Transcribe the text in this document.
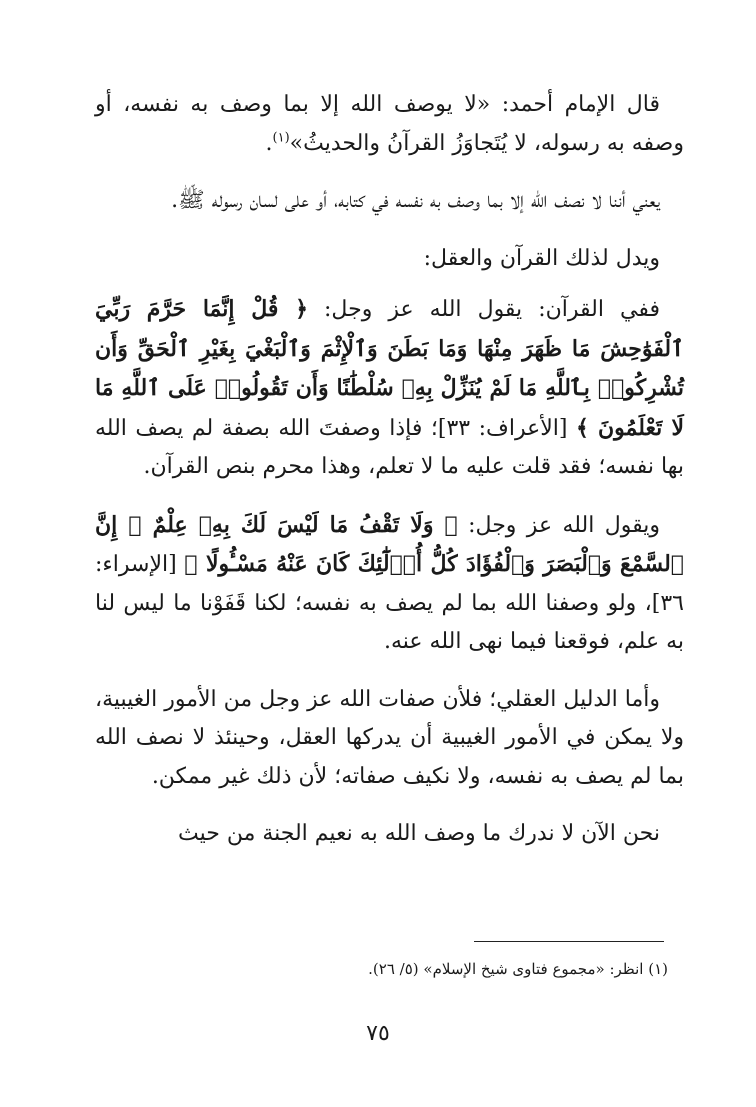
قال الإمام أحمد: «لا يوصف الله إلا بما وصف به نفسه، أو وصفه به رسوله، لا يُتَجاوَزُ القرآنُ والحديثُ»$^{(١)}$.

يعني أننا لا نصف الله إلا بما وصف به نفسه في كتابه، أو على لسان رسوله ﷺ.

ويدل لذلك القرآن والعقل:

ففي القرآن: يقول الله عز وجل: ﴿ قُلْ إِنَّمَا حَرَّمَ رَبِّيَ ٱلْفَوَٰحِشَ مَا ظَهَرَ مِنْهَا وَمَا بَطَنَ وَٱلْإِثْمَ وَٱلْبَغْيَ بِغَيْرِ ٱلْحَقِّ وَأَن تُشْرِكُوا۟ بِٱللَّهِ مَا لَمْ يُنَزِّلْ بِهِۦ سُلْطَٰنًا وَأَن تَقُولُوا۟ عَلَى ٱللَّهِ مَا لَا تَعْلَمُونَ ﴾ [الأعراف: ٣٣]؛ فإذا وصفتَ الله بصفة لم يصف الله بها نفسه؛ فقد قلت عليه ما لا تعلم، وهذا محرم بنص القرآن.

ويقول الله عز وجل: ﴿ وَلَا تَقْفُ مَا لَيْسَ لَكَ بِهِۦ عِلْمٌ ۚ إِنَّ ٱلسَّمْعَ وَٱلْبَصَرَ وَٱلْفُؤَادَ كُلُّ أُو۟لَٰٓئِكَ كَانَ عَنْهُ مَسْـُٔولًا ﴾ [الإسراء: ٣٦]، ولو وصفنا الله بما لم يصف به نفسه؛ لكنا قَفَوْنا ما ليس لنا به علم، فوقعنا فيما نهى الله عنه.

وأما الدليل العقلي؛ فلأن صفات الله عز وجل من الأمور الغيبية، ولا يمكن في الأمور الغيبية أن يدركها العقل، وحينئذ لا نصف الله بما لم يصف به نفسه، ولا نكيف صفاته؛ لأن ذلك غير ممكن.

نحن الآن لا ندرك ما وصف الله به نعيم الجنة من حيث

(١) انظر: «مجموع فتاوى شيخ الإسلام» (٥/ ٢٦).
٧٥
